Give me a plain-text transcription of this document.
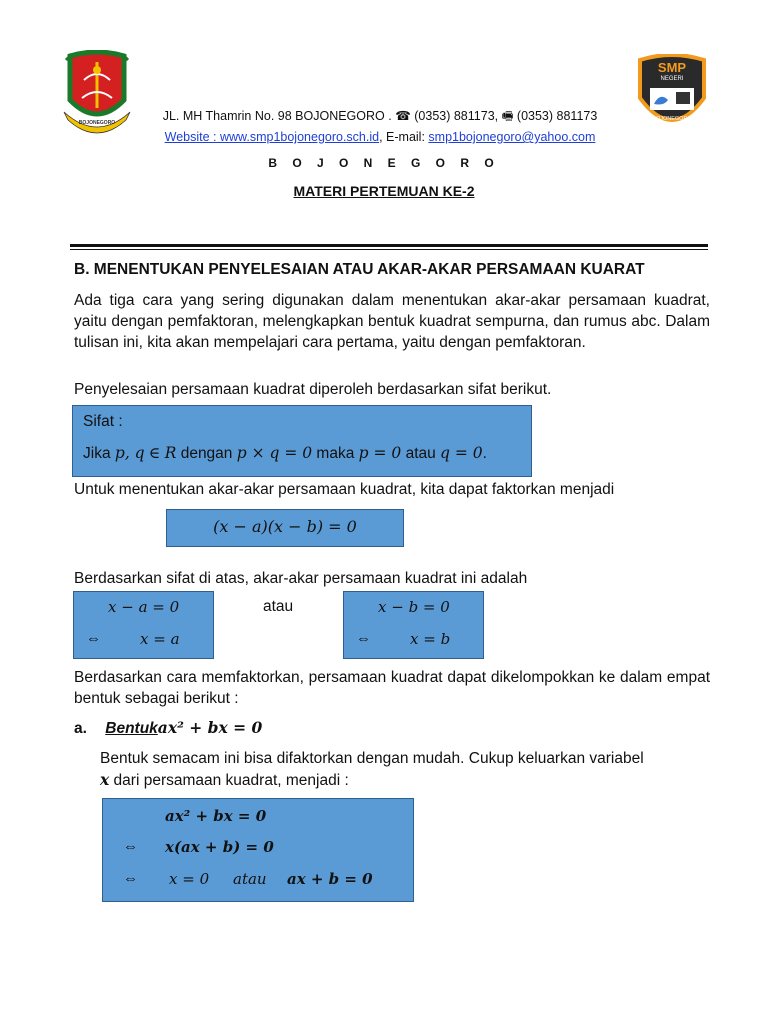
BOJONEGORO
SMP
NEGERI
BOJONEGORO
JL. MH Thamrin No. 98 BOJONEGORO . ☎ (0353) 881173, 🖷 (0353) 881173
Website : www.smp1bojonegoro.sch.id, E-mail: smp1bojonegoro@yahoo.com
B O J O N E G O R O
MATERI PERTEMUAN KE-2
B. MENENTUKAN PENYELESAIAN ATAU AKAR-AKAR PERSAMAAN KUARAT
Ada tiga cara yang sering digunakan dalam menentukan akar-akar persamaan kuadrat, yaitu dengan pemfaktoran, melengkapkan bentuk kuadrat sempurna, dan rumus abc. Dalam tulisan ini, kita akan mempelajari cara pertama, yaitu dengan pemfaktoran.
Penyelesaian persamaan kuadrat diperoleh berdasarkan sifat berikut.
Sifat :
Jika p, q ∈ R dengan p × q = 0 maka p = 0 atau q = 0.
Untuk menentukan akar-akar persamaan kuadrat, kita dapat faktorkan menjadi
(x − a)(x − b) = 0
Berdasarkan sifat di atas, akar-akar persamaan kuadrat ini adalah
x − a = 0
⇔	x = a
atau	x − b = 0
⇔	x = b
Berdasarkan cara memfaktorkan, persamaan kuadrat dapat dikelompokkan ke dalam empat bentuk sebagai berikut :
a. Bentukax² + bx = 0
Bentuk semacam ini bisa difaktorkan dengan mudah. Cukup keluarkan variabel
x dari persamaan kuadrat, menjadi :
ax² + bx = 0
⇔ x(ax + b) = 0
⇔ x = 0 atau ax + b = 0
